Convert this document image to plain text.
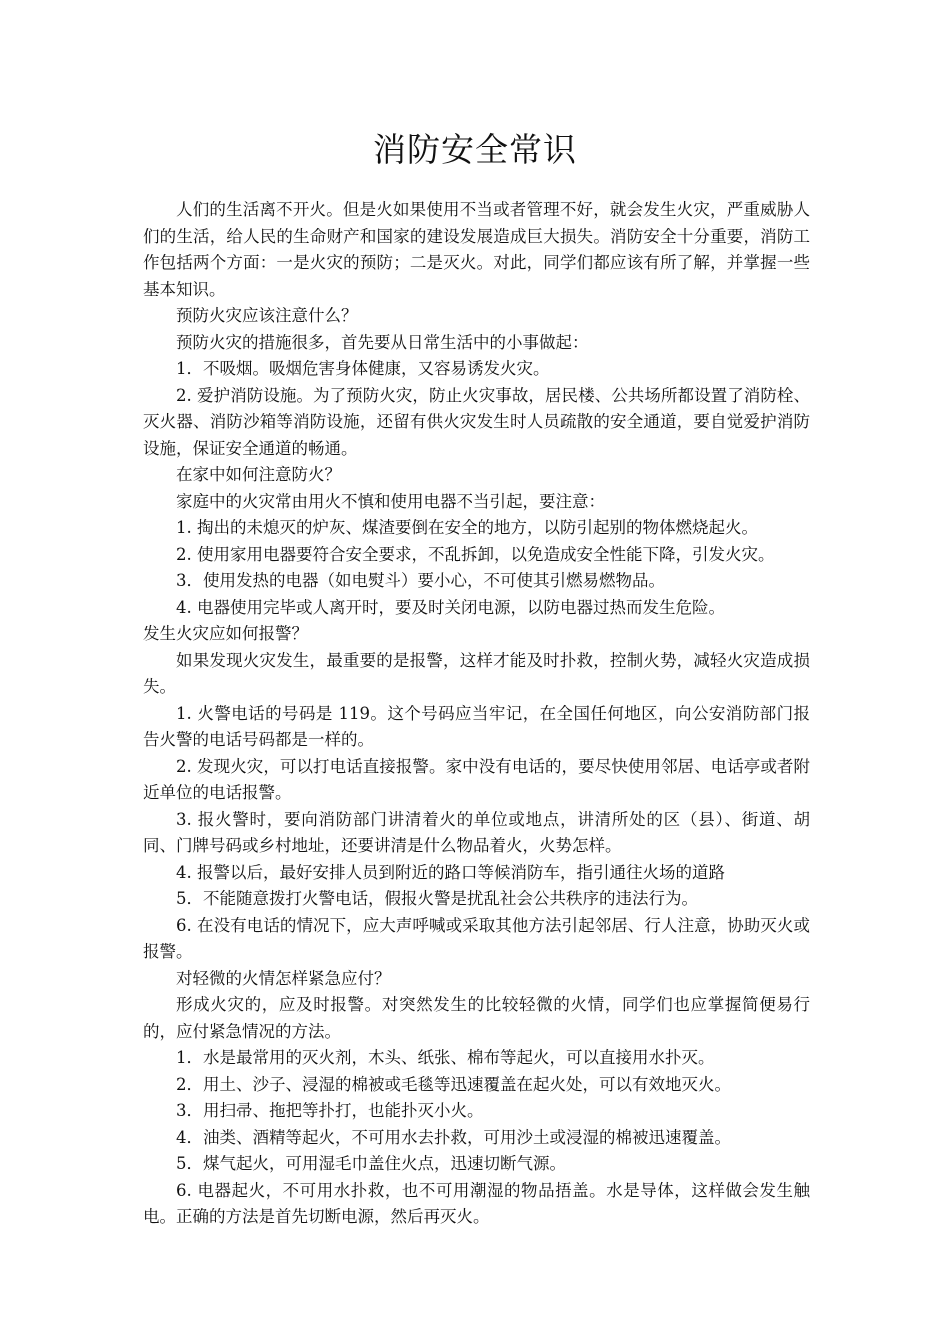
消防安全常识

人们的生活离不开火。但是火如果使用不当或者管理不好，就会发生火灾，严重威胁人们的生活，给人民的生命财产和国家的建设发展造成巨大损失。消防安全十分重要，消防工作包括两个方面：一是火灾的预防；二是灭火。对此，同学们都应该有所了解，并掌握一些基本知识。

预防火灾应该注意什么？

预防火灾的措施很多，首先要从日常生活中的小事做起：

1．不吸烟。吸烟危害身体健康，又容易诱发火灾。

2. 爱护消防设施。为了预防火灾，防止火灾事故，居民楼、公共场所都设置了消防栓、灭火器、消防沙箱等消防设施，还留有供火灾发生时人员疏散的安全通道，要自觉爱护消防设施，保证安全通道的畅通。

在家中如何注意防火？

家庭中的火灾常由用火不慎和使用电器不当引起，要注意：

1. 掏出的未熄灭的炉灰、煤渣要倒在安全的地方，以防引起别的物体燃烧起火。

2. 使用家用电器要符合安全要求，不乱拆卸，以免造成安全性能下降，引发火灾。

3．使用发热的电器（如电熨斗）要小心，不可使其引燃易燃物品。

4. 电器使用完毕或人离开时，要及时关闭电源，以防电器过热而发生危险。

发生火灾应如何报警？

如果发现火灾发生，最重要的是报警，这样才能及时扑救，控制火势，减轻火灾造成损失。

1. 火警电话的号码是 119。这个号码应当牢记，在全国任何地区，向公安消防部门报告火警的电话号码都是一样的。

2. 发现火灾，可以打电话直接报警。家中没有电话的，要尽快使用邻居、电话亭或者附近单位的电话报警。

3. 报火警时，要向消防部门讲清着火的单位或地点，讲清所处的区（县）、街道、胡同、门牌号码或乡村地址，还要讲清是什么物品着火，火势怎样。

4. 报警以后，最好安排人员到附近的路口等候消防车，指引通往火场的道路

5．不能随意拨打火警电话，假报火警是扰乱社会公共秩序的违法行为。

6. 在没有电话的情况下，应大声呼喊或采取其他方法引起邻居、行人注意，协助灭火或报警。

对轻微的火情怎样紧急应付？

形成火灾的，应及时报警。对突然发生的比较轻微的火情，同学们也应掌握简便易行的，应付紧急情况的方法。

1．水是最常用的灭火剂，木头、纸张、棉布等起火，可以直接用水扑灭。

2．用土、沙子、浸湿的棉被或毛毯等迅速覆盖在起火处，可以有效地灭火。

3．用扫帚、拖把等扑打，也能扑灭小火。

4．油类、酒精等起火，不可用水去扑救，可用沙土或浸湿的棉被迅速覆盖。

5．煤气起火，可用湿毛巾盖住火点，迅速切断气源。

6. 电器起火，不可用水扑救，也不可用潮湿的物品捂盖。水是导体，这样做会发生触电。正确的方法是首先切断电源，然后再灭火。
